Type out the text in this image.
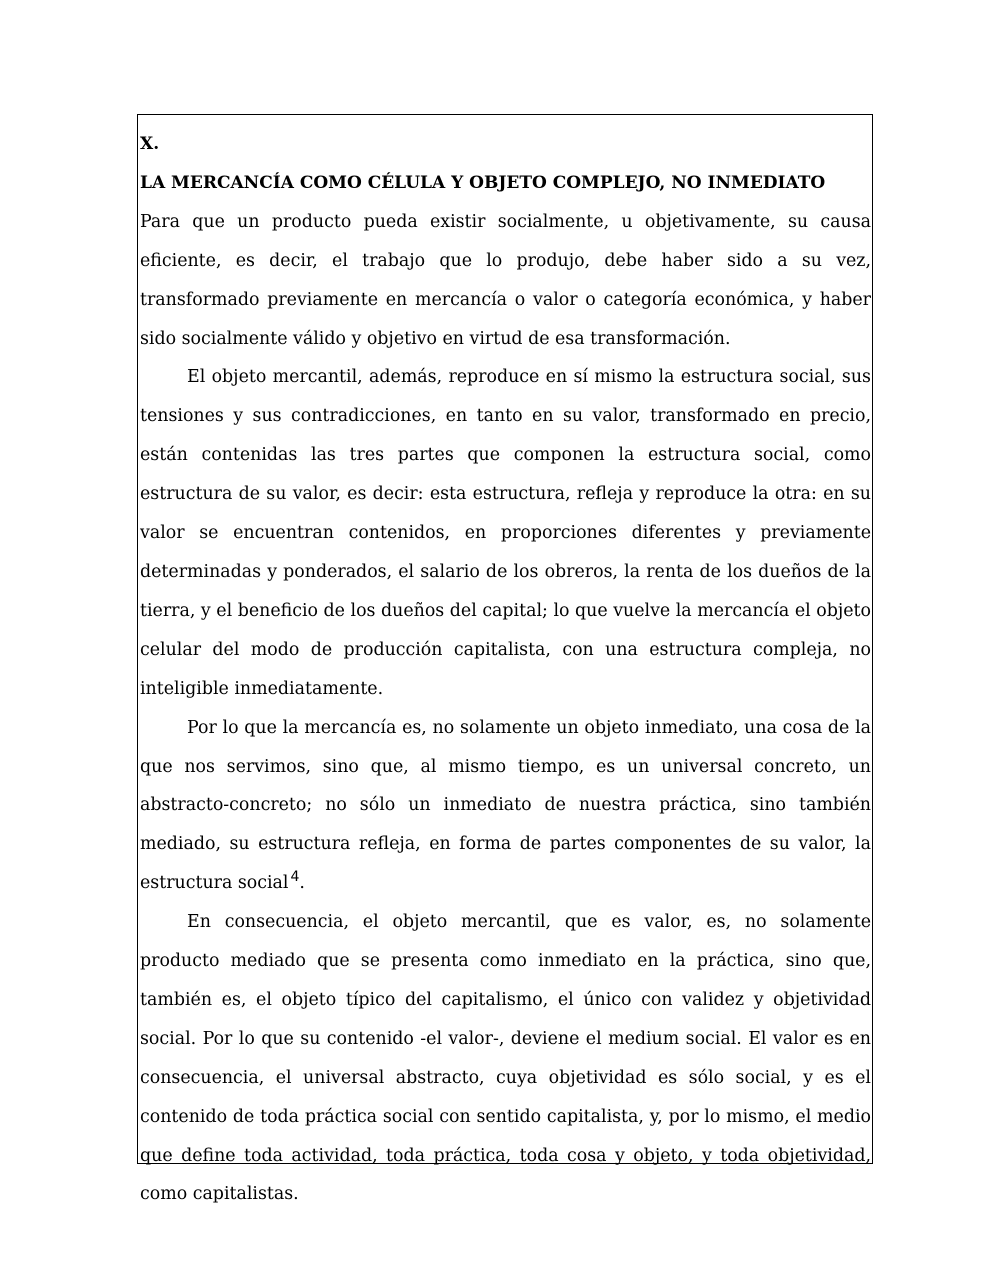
X.

LA MERCANCÍA COMO CÉLULA Y OBJETO COMPLEJO, NO INMEDIATO

Para que un producto pueda existir socialmente, u objetivamente, su causa eficiente, es decir, el trabajo que lo produjo, debe haber sido a su vez, transformado previamente en mercancía o valor o categoría económica, y haber sido socialmente válido y objetivo en virtud de esa transformación.

El objeto mercantil, además, reproduce en sí mismo la estructura social, sus tensiones y sus contradicciones, en tanto en su valor, transformado en precio, están contenidas las tres partes que componen la estructura social, como estructura de su valor, es decir: esta estructura, refleja y reproduce la otra: en su valor se encuentran contenidos, en proporciones diferentes y previamente determinadas y ponderados, el salario de los obreros, la renta de los dueños de la tierra, y el beneficio de los dueños del capital; lo que vuelve la mercancía el objeto celular del modo de producción capitalista, con una estructura compleja, no inteligible inmediatamente.

Por lo que la mercancía es, no solamente un objeto inmediato, una cosa de la que nos servimos, sino que, al mismo tiempo, es un universal concreto, un abstracto-concreto; no sólo un inmediato de nuestra práctica, sino también mediado, su estructura refleja, en forma de partes componentes de su valor, la estructura social $^4$.

En consecuencia, el objeto mercantil, que es valor, es, no solamente producto mediado que se presenta como inmediato en la práctica, sino que, también es, el objeto típico del capitalismo, el único con validez y objetividad social. Por lo que su contenido -el valor-, deviene el medium social. El valor es en consecuencia, el universal abstracto, cuya objetividad es sólo social, y es el contenido de toda práctica social con sentido capitalista, y, por lo mismo, el medio que define toda actividad, toda práctica, toda cosa y objeto, y toda objetividad, como capitalistas.
